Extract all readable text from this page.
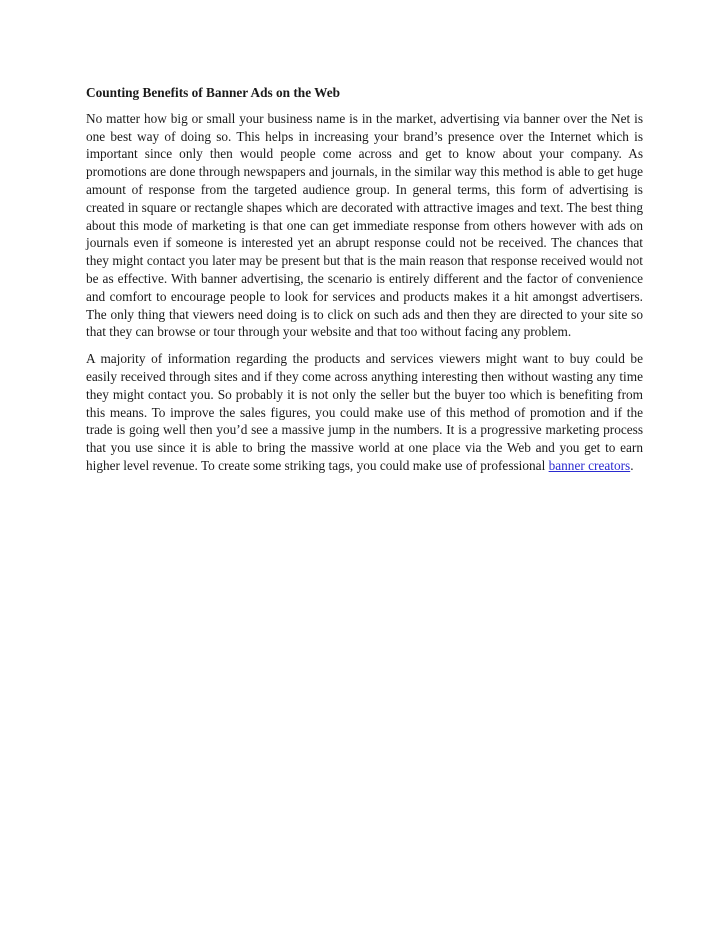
Counting Benefits of Banner Ads on the Web

No matter how big or small your business name is in the market, advertising via banner over the Net is one best way of doing so. This helps in increasing your brand’s presence over the Internet which is important since only then would people come across and get to know about your company. As promotions are done through newspapers and journals, in the similar way this method is able to get huge amount of response from the targeted audience group. In general terms, this form of advertising is created in square or rectangle shapes which are decorated with attractive images and text. The best thing about this mode of marketing is that one can get immediate response from others however with ads on journals even if someone is interested yet an abrupt response could not be received. The chances that they might contact you later may be present but that is the main reason that response received would not be as effective. With banner advertising, the scenario is entirely different and the factor of convenience and comfort to encourage people to look for services and products makes it a hit amongst advertisers. The only thing that viewers need doing is to click on such ads and then they are directed to your site so that they can browse or tour through your website and that too without facing any problem.

A majority of information regarding the products and services viewers might want to buy could be easily received through sites and if they come across anything interesting then without wasting any time they might contact you. So probably it is not only the seller but the buyer too which is benefiting from this means. To improve the sales figures, you could make use of this method of promotion and if the trade is going well then you’d see a massive jump in the numbers. It is a progressive marketing process that you use since it is able to bring the massive world at one place via the Web and you get to earn higher level revenue. To create some striking tags, you could make use of professional banner creators.
